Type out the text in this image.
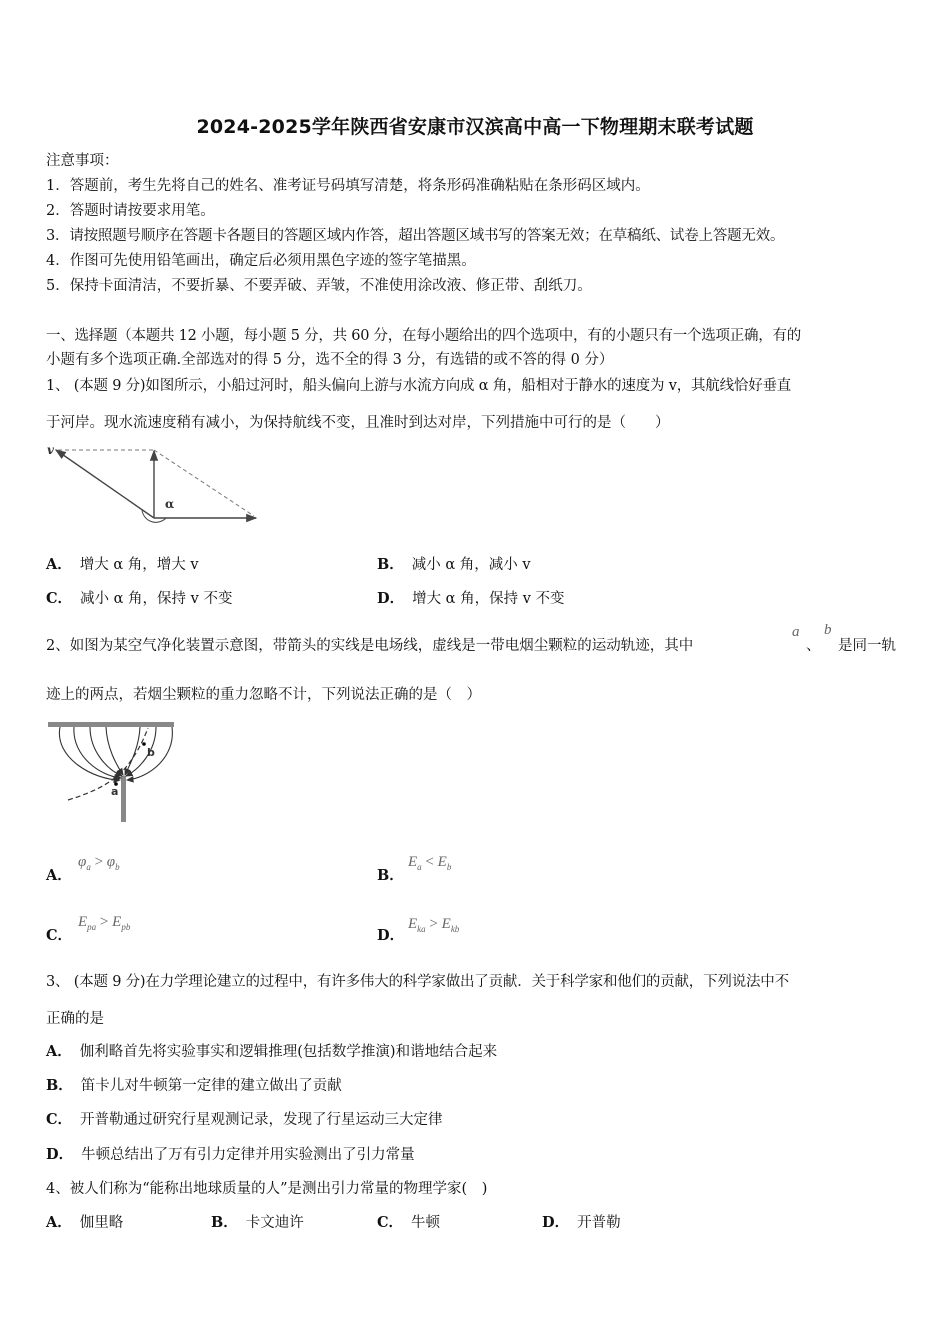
2024-2025学年陕西省安康市汉滨高中高一下物理期末联考试题
注意事项：
1．答题前，考生先将自己的姓名、准考证号码填写清楚，将条形码准确粘贴在条形码区域内。
2．答题时请按要求用笔。
3．请按照题号顺序在答题卡各题目的答题区域内作答，超出答题区域书写的答案无效；在草稿纸、试卷上答题无效。
4．作图可先使用铅笔画出，确定后必须用黑色字迹的签字笔描黑。
5．保持卡面清洁，不要折暴、不要弄破、弄皱，不准使用涂改液、修正带、刮纸刀。
一、选择题（本题共 12 小题，每小题 5 分，共 60 分，在每小题给出的四个选项中，有的小题只有一个选项正确，有的
小题有多个选项正确.全部选对的得 5 分，选不全的得 3 分，有选错的或不答的得 0 分）
1、 (本题 9 分)如图所示，小船过河时，船头偏向上游与水流方向成 α 角，船相对于静水的速度为 v，其航线恰好垂直
于河岸。现水流速度稍有减小，为保持航线不变，且准时到达对岸，下列措施中可行的是（　　）
v
α
A． 增大 α 角，增大 v	B． 减小 α 角，减小 v
C． 减小 α 角，保持 v 不变	D． 增大 α 角，保持 v 不变
2、如图为某空气净化装置示意图，带箭头的实线是电场线，虚线是一带电烟尘颗粒的运动轨迹，其中
a
、
b
是同一轨
迹上的两点，若烟尘颗粒的重力忽略不计，下列说法正确的是（　）
a
b
A．
$\varphi_a > \varphi_b$	B．
$E_a < E_b$
C．
$E_{pa} > E_{pb}$	D．
$E_{ka} > E_{kb}$
3、 (本题 9 分)在力学理论建立的过程中，有许多伟大的科学家做出了贡献．关于科学家和他们的贡献，下列说法中不
正确的是
A． 伽利略首先将实验事实和逻辑推理(包括数学推演)和谐地结合起来
B． 笛卡儿对牛顿第一定律的建立做出了贡献
C． 开普勒通过研究行星观测记录，发现了行星运动三大定律
D． 牛顿总结出了万有引力定律并用实验测出了引力常量
4、被人们称为“能称出地球质量的人”是测出引力常量的物理学家(　)
A． 伽里略	B． 卡文迪许	C． 牛顿	D． 开普勒
